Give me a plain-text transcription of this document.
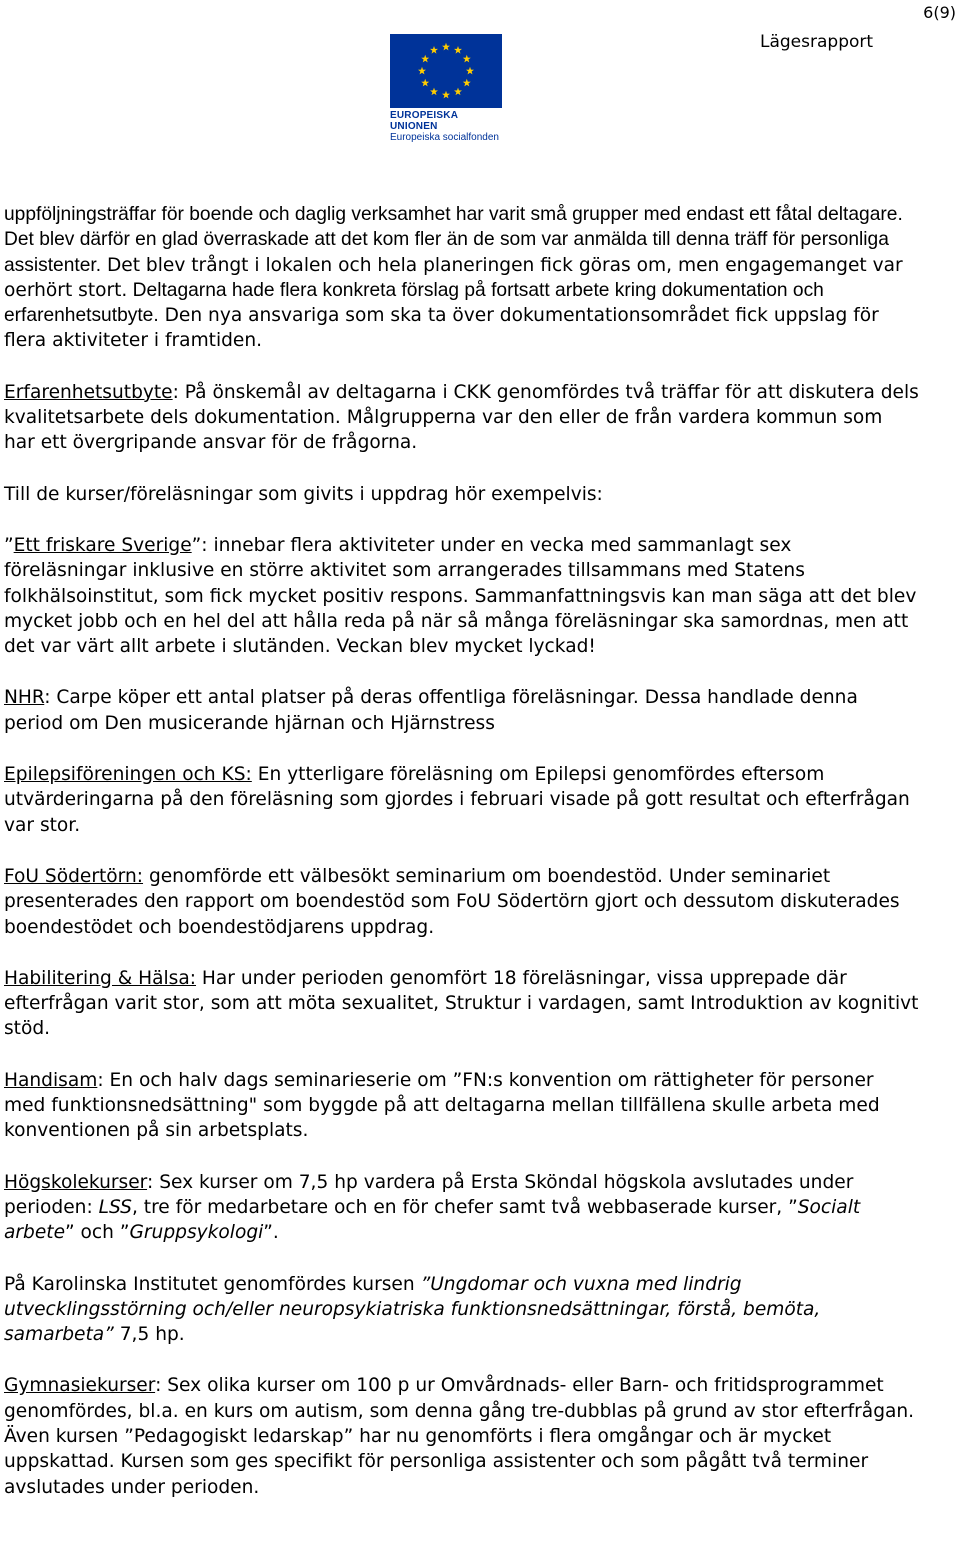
6(9)
Lägesrapport
EUROPEISKA UNIONEN
Europeiska socialfonden

uppföljningsträffar för boende och daglig verksamhet har varit små grupper med endast ett fåtal deltagare. Det blev därför en glad överraskade att det kom fler än de som var anmälda till denna träff för personliga assistenter. Det blev trångt i lokalen och hela planeringen fick göras om, men engagemanget var oerhört stort. Deltagarna hade flera konkreta förslag på fortsatt arbete kring dokumentation och erfarenhetsutbyte. Den nya ansvariga som ska ta över dokumentationsområdet fick uppslag för flera aktiviteter i framtiden.

Erfarenhetsutbyte: På önskemål av deltagarna i CKK genomfördes två träffar för att diskutera dels kvalitetsarbete dels dokumentation. Målgrupperna var den eller de från vardera kommun som har ett övergripande ansvar för de frågorna.

Till de kurser/föreläsningar som givits i uppdrag hör exempelvis:

”Ett friskare Sverige”: innebar flera aktiviteter under en vecka med sammanlagt sex föreläsningar inklusive en större aktivitet som arrangerades tillsammans med Statens folkhälsoinstitut, som fick mycket positiv respons. Sammanfattningsvis kan man säga att det blev mycket jobb och en hel del att hålla reda på när så många föreläsningar ska samordnas, men att det var värt allt arbete i slutänden. Veckan blev mycket lyckad!

NHR: Carpe köper ett antal platser på deras offentliga föreläsningar. Dessa handlade denna period om Den musicerande hjärnan och Hjärnstress

Epilepsiföreningen och KS: En ytterligare föreläsning om Epilepsi genomfördes eftersom utvärderingarna på den föreläsning som gjordes i februari visade på gott resultat och efterfrågan var stor.

FoU Södertörn: genomförde ett välbesökt seminarium om boendestöd. Under seminariet presenterades den rapport om boendestöd som FoU Södertörn gjort och dessutom diskuterades boendestödet och boendestödjarens uppdrag.

Habilitering & Hälsa: Har under perioden genomfört 18 föreläsningar, vissa upprepade där efterfrågan varit stor, som att möta sexualitet, Struktur i vardagen, samt Introduktion av kognitivt stöd.

Handisam: En och halv dags seminarieserie om ”FN:s konvention om rättigheter för personer med funktionsnedsättning" som byggde på att deltagarna mellan tillfällena skulle arbeta med konventionen på sin arbetsplats.

Högskolekurser: Sex kurser om 7,5 hp vardera på Ersta Sköndal högskola avslutades under perioden: LSS, tre för medarbetare och en för chefer samt två webbaserade kurser, ”Socialt arbete” och ”Gruppsykologi”.

På Karolinska Institutet genomfördes kursen ”Ungdomar och vuxna med lindrig utvecklingsstörning och/eller neuropsykiatriska funktionsnedsättningar, förstå, bemöta, samarbeta” 7,5 hp.

Gymnasiekurser: Sex olika kurser om 100 p ur Omvårdnads- eller Barn- och fritidsprogrammet genomfördes, bl.a. en kurs om autism, som denna gång tre-dubblas på grund av stor efterfrågan. Även kursen ”Pedagogiskt ledarskap” har nu genomförts i flera omgångar och är mycket uppskattad. Kursen som ges specifikt för personliga assistenter och som pågått två terminer avslutades under perioden.
